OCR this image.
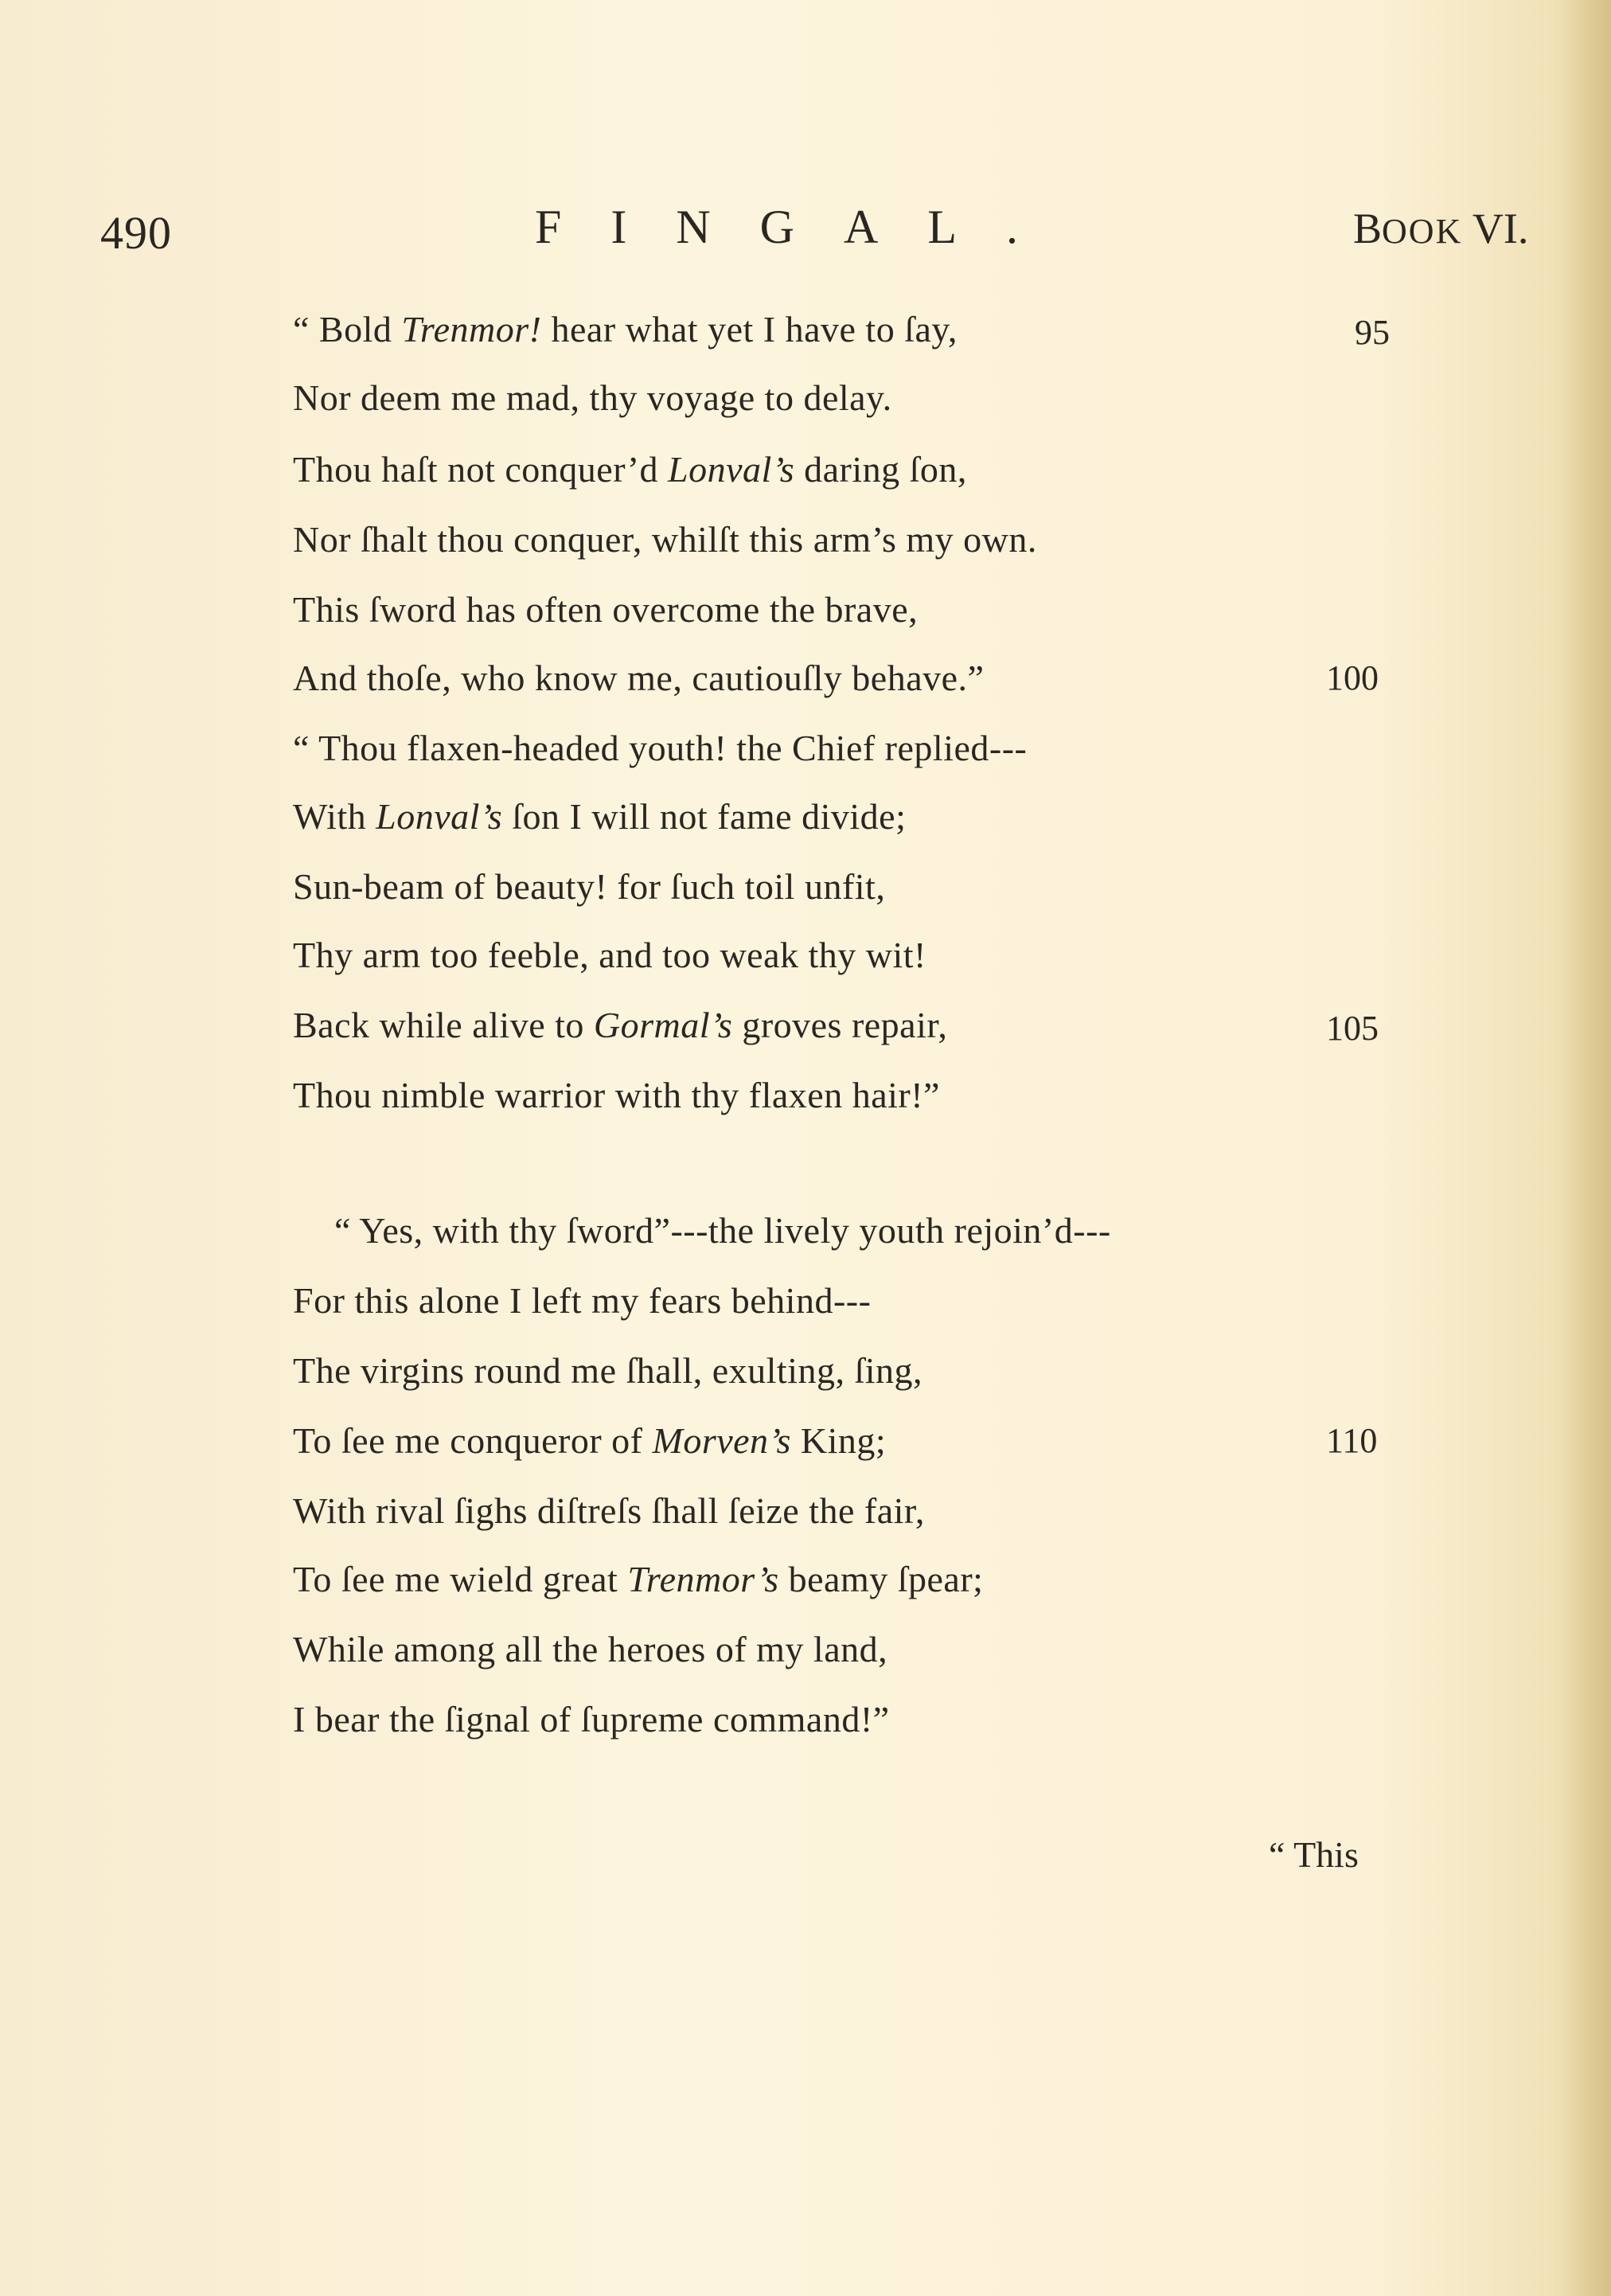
490	FINGAL.	BOOK VI.
“ Bold Trenmor! hear what yet I have to ſay,
Nor deem me mad, thy voyage to delay.
Thou haſt not conquer’d Lonval’s daring ſon,
Nor ſhalt thou conquer, whilſt this arm’s my own.
This ſword has often overcome the brave,
And thoſe, who know me, cautiouſly behave.”
“ Thou flaxen-headed youth! the Chief replied---
With Lonval’s ſon I will not fame divide;
Sun-beam of beauty! for ſuch toil unfit,
Thy arm too feeble, and too weak thy wit!
Back while alive to Gormal’s groves repair,
Thou nimble warrior with thy flaxen hair!”
“ Yes, with thy ſword”---the lively youth rejoin’d---
For this alone I left my fears behind---
The virgins round me ſhall, exulting, ſing,
To ſee me conqueror of Morven’s King;
With rival ſighs diſtreſs ſhall ſeize the fair,
To ſee me wield great Trenmor’s beamy ſpear;
While among all the heroes of my land,
I bear the ſignal of ſupreme command!”
95
100
105
110
“ This
